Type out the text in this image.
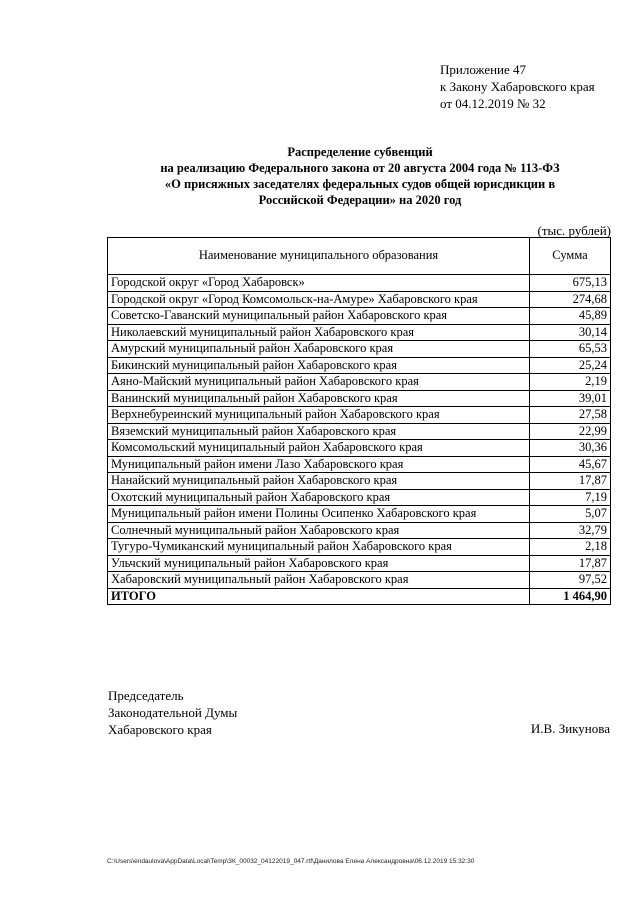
Приложение 47
к Закону Хабаровского края
от 04.12.2019 № 32
Распределение субвенций
на реализацию Федерального закона от 20 августа 2004 года № 113-ФЗ
«О присяжных заседателях федеральных судов общей юрисдикции в
Российской Федерации» на 2020 год
(тыс. рублей)
Наименование муниципального образования	Сумма
Городской округ «Город Хабаровск»	675,13
Городской округ «Город Комсомольск-на-Амуре» Хабаровского края	274,68
Советско-Гаванский муниципальный район Хабаровского края	45,89
Николаевский муниципальный район Хабаровского края	30,14
Амурский муниципальный район Хабаровского края	65,53
Бикинский муниципальный район Хабаровского края	25,24
Аяно-Майский муниципальный район Хабаровского края	2,19
Ванинский муниципальный район Хабаровского края	39,01
Верхнебуреинский муниципальный район Хабаровского края	27,58
Вяземский муниципальный район Хабаровского края	22,99
Комсомольский муниципальный район Хабаровского края	30,36
Муниципальный район имени Лазо Хабаровского края	45,67
Нанайский муниципальный район Хабаровского края	17,87
Охотский муниципальный район Хабаровского края	7,19
Муниципальный район имени Полины Осипенко Хабаровского края	5,07
Солнечный муниципальный район Хабаровского края	32,79
Тугуро-Чумиканский муниципальный район Хабаровского края	2,18
Ульчский муниципальный район Хабаровского края	17,87
Хабаровский муниципальный район Хабаровского края	97,52
ИТОГО	1 464,90
Председатель
Законодательной Думы
Хабаровского края	И.В. Зикунова
C:\Users\endaulova\AppData\Local\Temp\ЗК_00032_04122019_047.rtf\Данилова Елена Александровна\06.12.2019 15:32:30
